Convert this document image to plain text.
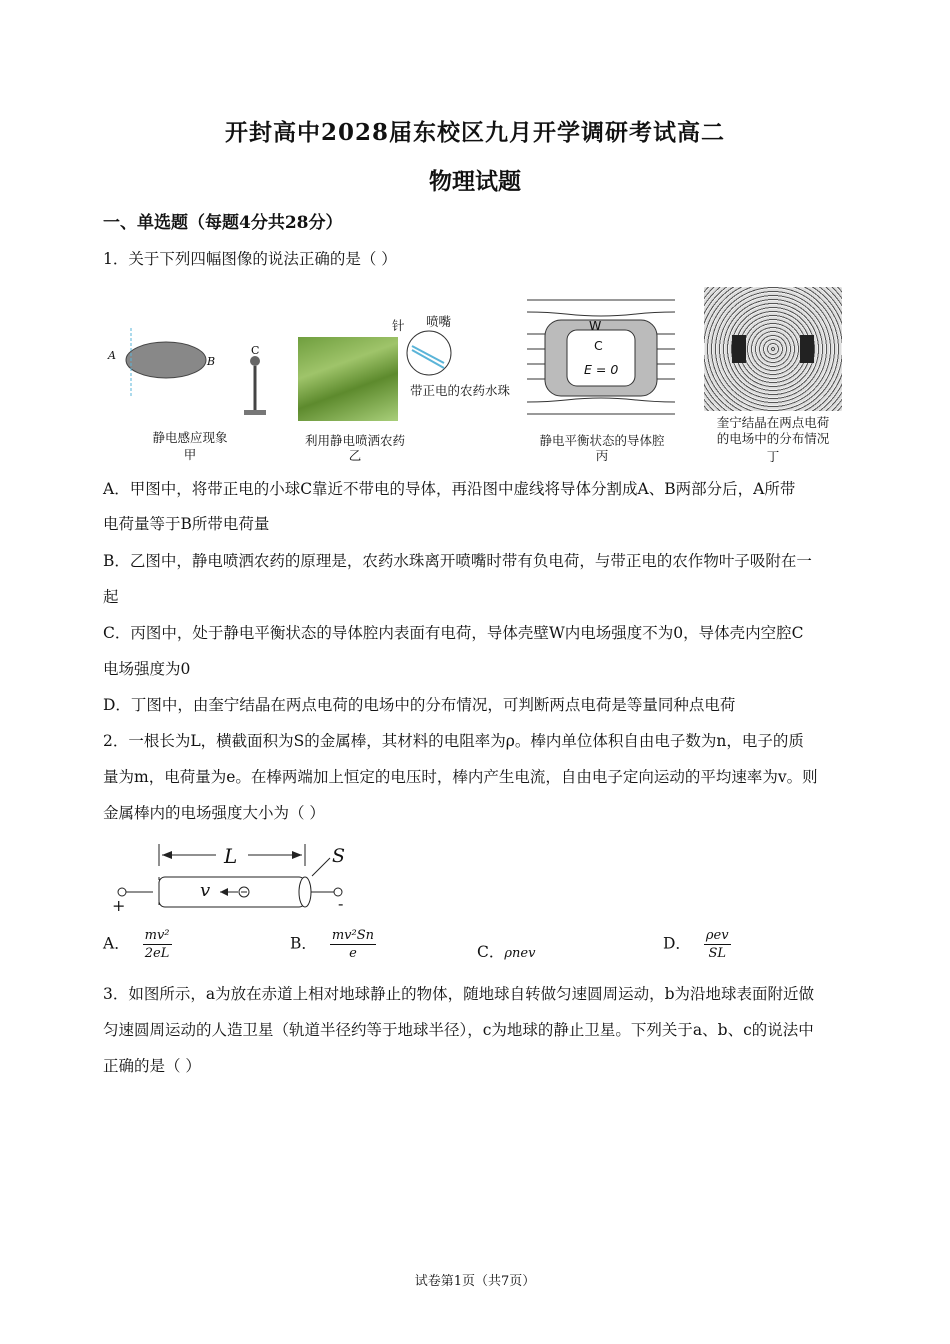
开封高中2028届东校区九月开学调研考试高二
物理试题
一、单选题（每题4分共28分）
1．关于下列四幅图像的说法正确的是（ ）
A	B
C
静电感应现象
甲
针 喷嘴
带正电的农药水珠
利用静电喷洒农药
乙
W
C
E = 0
静电平衡状态的导体腔
丙
奎宁结晶在两点电荷
的电场中的分布情况
丁
A．甲图中，将带正电的小球C靠近不带电的导体，再沿图中虚线将导体分割成A、B两部分后，A所带
电荷量等于B所带电荷量
B．乙图中，静电喷洒农药的原理是，农药水珠离开喷嘴时带有负电荷，与带正电的农作物叶子吸附在一
起
C．丙图中，处于静电平衡状态的导体腔内表面有电荷，导体壳壁W内电场强度不为0，导体壳内空腔C
电场强度为0
D．丁图中，由奎宁结晶在两点电荷的电场中的分布情况，可判断两点电荷是等量同种点电荷
2．一根长为L，横截面积为S的金属棒，其材料的电阻率为ρ。棒内单位体积自由电子数为n，电子的质
量为m，电荷量为e。在棒两端加上恒定的电压时，棒内产生电流，自由电子定向运动的平均速率为v。则
金属棒内的电场强度大小为（ ）
L	S
v
+	-
A． $\frac{\text{mv²}}{2eL}$	B． $\frac{\text{mv²Sn}}{e}$	C．ρnev
D． $\frac{\text{ρev}}{SL}$
3．如图所示，a为放在赤道上相对地球静止的物体，随地球自转做匀速圆周运动，b为沿地球表面附近做
匀速圆周运动的人造卫星（轨道半径约等于地球半径），c为地球的静止卫星。下列关于a、b、c的说法中
正确的是（ ）
试卷第1页（共7页）
